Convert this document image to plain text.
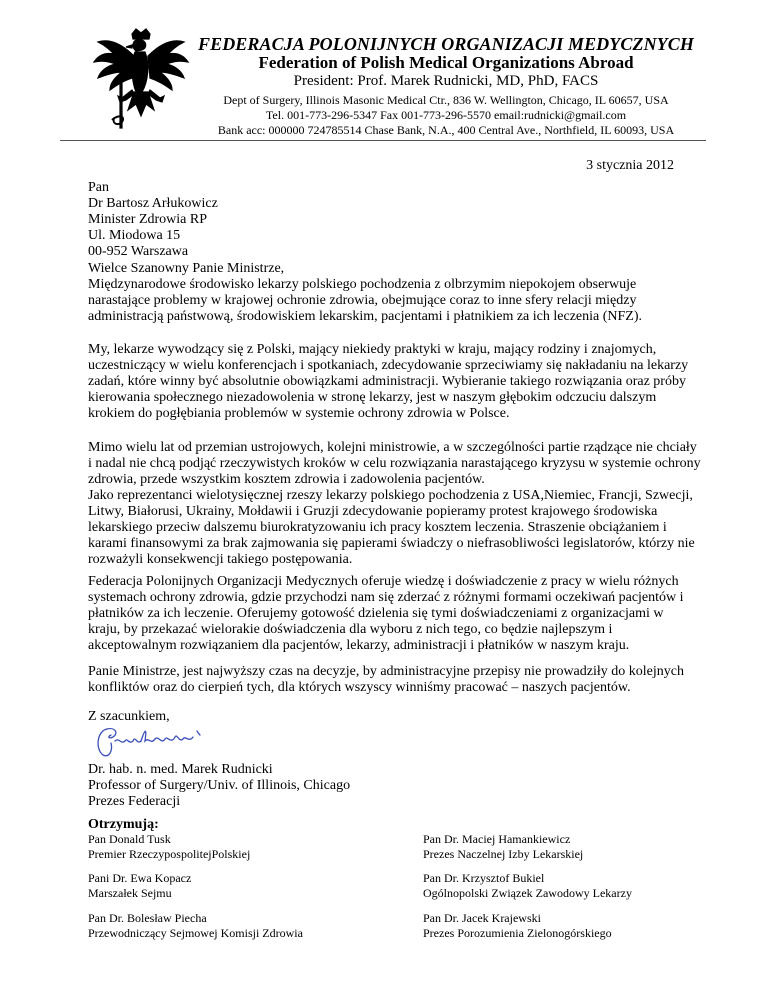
FEDERACJA POLONIJNYCH ORGANIZACJI MEDYCZNYCH
Federation of Polish Medical Organizations Abroad
President: Prof. Marek Rudnicki, MD, PhD, FACS
Dept of Surgery, Illinois Masonic Medical Ctr., 836 W. Wellington, Chicago, IL 60657, USA
Tel. 001-773-296-5347 Fax 001-773-296-5570 email:rudnicki@gmail.com
Bank acc: 000000 724785514 Chase Bank, N.A., 400 Central Ave., Northfield, IL 60093, USA
3 stycznia 2012
Pan
Dr Bartosz Arłukowicz
Minister Zdrowia RP
Ul. Miodowa 15
00-952 Warszawa
Wielce Szanowny Panie Ministrze,
Międzynarodowe środowisko lekarzy polskiego pochodzenia z olbrzymim niepokojem obserwuje
narastające problemy w krajowej ochronie zdrowia, obejmujące coraz to inne sfery relacji między
administracją państwową, środowiskiem lekarskim, pacjentami i płatnikiem za ich leczenia (NFZ).
My, lekarze wywodzący się z Polski, mający niekiedy praktyki w kraju, mający rodziny i znajomych,
uczestniczący w wielu konferencjach i spotkaniach, zdecydowanie sprzeciwiamy się nakładaniu na lekarzy
zadań, które winny być absolutnie obowiązkami administracji. Wybieranie takiego rozwiązania oraz próby
kierowania społecznego niezadowolenia w stronę lekarzy, jest w naszym głębokim odczuciu dalszym
krokiem do pogłębiania problemów w systemie ochrony zdrowia w Polsce.
Mimo wielu lat od przemian ustrojowych, kolejni ministrowie, a w szczególności partie rządzące nie chciały
i nadal nie chcą podjąć rzeczywistych kroków w celu rozwiązania narastającego kryzysu w systemie ochrony
zdrowia, przede wszystkim kosztem zdrowia i zadowolenia pacjentów.
Jako reprezentanci wielotysięcznej rzeszy lekarzy polskiego pochodzenia z USA,Niemiec, Francji, Szwecji,
Litwy, Białorusi, Ukrainy, Mołdawii i Gruzji zdecydowanie popieramy protest krajowego środowiska
lekarskiego przeciw dalszemu biurokratyzowaniu ich pracy kosztem leczenia. Straszenie obciążaniem i
karami finansowymi za brak zajmowania się papierami świadczy o niefrasobliwości legislatorów, którzy nie
rozważyli konsekwencji takiego postępowania.
Federacja Polonijnych Organizacji Medycznych oferuje wiedzę i doświadczenie z pracy w wielu różnych
systemach ochrony zdrowia, gdzie przychodzi nam się zderzać z różnymi formami oczekiwań pacjentów i
płatników za ich leczenie. Oferujemy gotowość dzielenia się tymi doświadczeniami z organizacjami w
kraju, by przekazać wielorakie doświadczenia dla wyboru z nich tego, co będzie najlepszym i
akceptowalnym rozwiązaniem dla pacjentów, lekarzy, administracji i płatników w naszym kraju.
Panie Ministrze, jest najwyższy czas na decyzje, by administracyjne przepisy nie prowadziły do kolejnych
konfliktów oraz do cierpień tych, dla których wszyscy winniśmy pracować – naszych pacjentów.
Z szacunkiem,
Dr. hab. n. med. Marek Rudnicki
Professor of Surgery/Univ. of Illinois, Chicago
Prezes Federacji
Otrzymują:
Pan Donald Tusk
Premier RzeczypospolitejPolskiej
Pan Dr. Maciej Hamankiewicz
Prezes Naczelnej Izby Lekarskiej
Pani Dr. Ewa Kopacz
Marszałek Sejmu
Pan Dr. Krzysztof Bukiel
Ogólnopolski Związek Zawodowy Lekarzy
Pan Dr. Bolesław Piecha
Przewodniczący Sejmowej Komisji Zdrowia
Pan Dr. Jacek Krajewski
Prezes Porozumienia Zielonogórskiego
